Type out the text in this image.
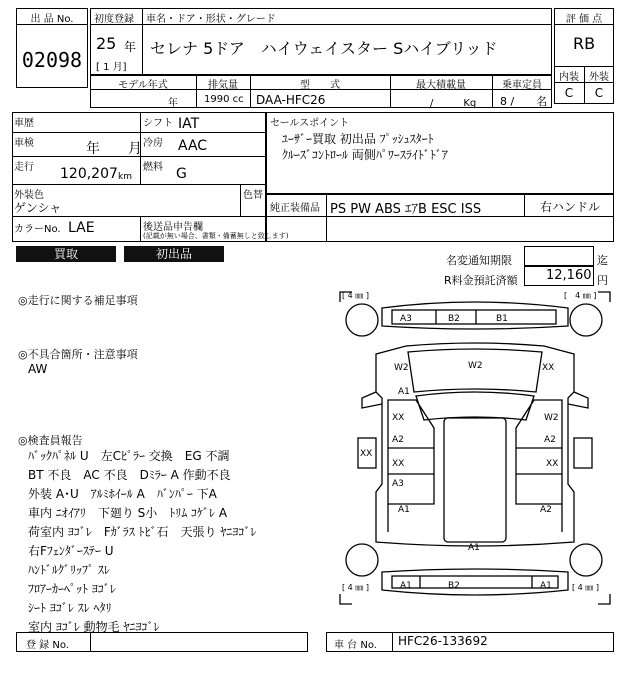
出 品 No.
02098
初度登録
25 年
[ 1 月]
車名・ドア・形状・グレード
セレナ 5ドア　ハイウェイスター Sハイブリッド
評 価 点
RB
内装	外装
C	C
モデル年式
年
排気量
1990 cc
型　　式
DAA-HFC26
最大積載量
/　　　Kg
乗車定員
8 /　　名
車歴	シフト IAT
車検	年　　月 冷房 AAC
走行 120,207 km
燃料 G
外装色
ゲンシャ
色替
カラーNo. LAE	後送品申告欄
(記載が無い場合、書類・備蓄無しと致します)
セールスポイント
ﾕｰｻﾞｰ買取 初出品 ﾌﾟｯｼｭｽﾀｰﾄ
ｸﾙｰｽﾞｺﾝﾄﾛｰﾙ 両側ﾊﾟﾜｰｽﾗｲﾄﾞﾄﾞｱ
純正装備品 PS PW ABS ｴｱB ESC ISS	右ハンドル
買取	初出品	名変通知期限	迄
R料金預託済額 12,160 円
◎走行に関する補足事項
◎不具合箇所・注意事項
AW
◎検査員報告
ﾊﾞｯｸﾊﾟﾈﾙ U　左Cﾋﾟﾗｰ 交換　EG 不調
BT 不良　AC 不良　Dﾐﾗｰ A 作動不良
外装 A･U　ｱﾙﾐﾎｲｰﾙ A　ﾊﾞﾝﾊﾟｰ 下A
車内 ﾆｵｲｱﾘ　下廻り S小　ﾄﾘﾑ ｺｹﾞﾚ A
荷室内 ﾖｺﾞﾚ　Fｶﾞﾗｽ ﾄﾋﾞ石　天張り ﾔﾆﾖｺﾞﾚ
右Fﾌｪﾝﾀﾞｰｽﾃｰ U
ﾊﾝﾄﾞﾙｸﾞﾘｯﾌﾟ ｽﾚ
ﾌﾛｱｰｶｰﾍﾟｯﾄ ﾖｺﾞﾚ
ｼｰﾄ ﾖｺﾞﾚ ｽﾚ ﾍﾀﾘ
室内 ﾖｺﾞﾚ 動物毛 ﾔﾆﾖｺﾞﾚ
[ 4 ㎜ ]	[　4 ㎜ ]
[ 4 ㎜ ]	[ 4 ㎜ ]
A3	B2	B1
W2	W2	XX
A1
XX
A2
W2
A2
XX
XX
A3
XX
A1	A2
A1
A1	B2	A1
登 録 No.	車 台 No. HFC26-133692
